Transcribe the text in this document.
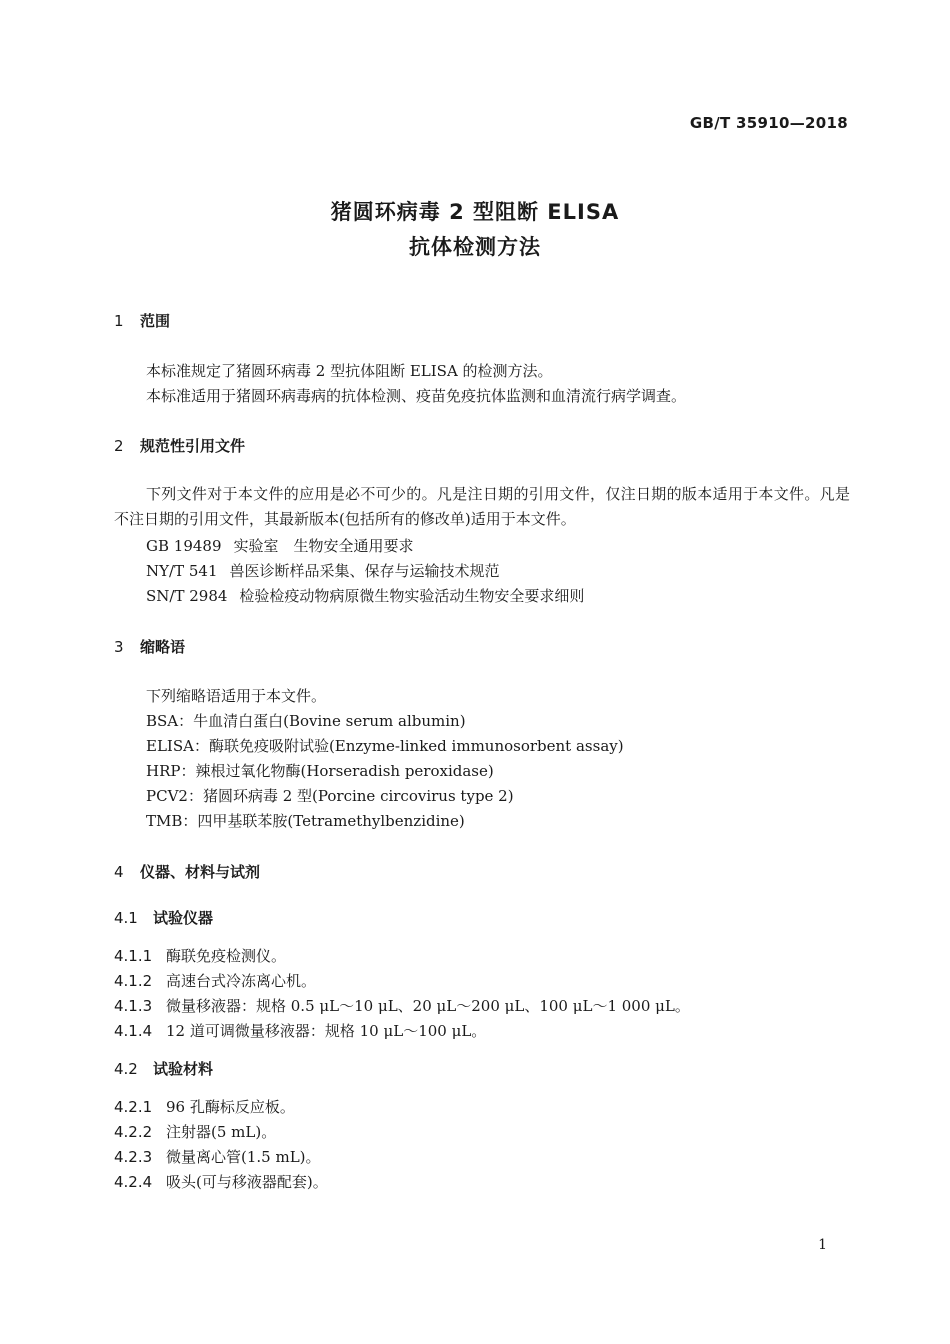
GB/T 35910—2018
猪圆环病毒 2 型阻断 ELISA
抗体检测方法
1 范围
本标准规定了猪圆环病毒 2 型抗体阻断 ELISA 的检测方法。
本标准适用于猪圆环病毒病的抗体检测、疫苗免疫抗体监测和血清流行病学调查。
2 规范性引用文件
下列文件对于本文件的应用是必不可少的。凡是注日期的引用文件，仅注日期的版本适用于本文件。凡是不注日期的引用文件，其最新版本(包括所有的修改单)适用于本文件。
GB 19489 实验室　生物安全通用要求
NY/T 541 兽医诊断样品采集、保存与运输技术规范
SN/T 2984 检验检疫动物病原微生物实验活动生物安全要求细则
3 缩略语
下列缩略语适用于本文件。
BSA：牛血清白蛋白(Bovine serum albumin)
ELISA：酶联免疫吸附试验(Enzyme-linked immunosorbent assay)
HRP：辣根过氧化物酶(Horseradish peroxidase)
PCV2：猪圆环病毒 2 型(Porcine circovirus type 2)
TMB：四甲基联苯胺(Tetramethylbenzidine)
4 仪器、材料与试剂
4.1 试验仪器
4.1.1 酶联免疫检测仪。
4.1.2 高速台式冷冻离心机。
4.1.3 微量移液器：规格 0.5 μL～10 μL、20 μL～200 μL、100 μL～1 000 μL。
4.1.4 12 道可调微量移液器：规格 10 μL～100 μL。
4.2 试验材料
4.2.1 96 孔酶标反应板。
4.2.2 注射器(5 mL)。
4.2.3 微量离心管(1.5 mL)。
4.2.4 吸头(可与移液器配套)。
1
